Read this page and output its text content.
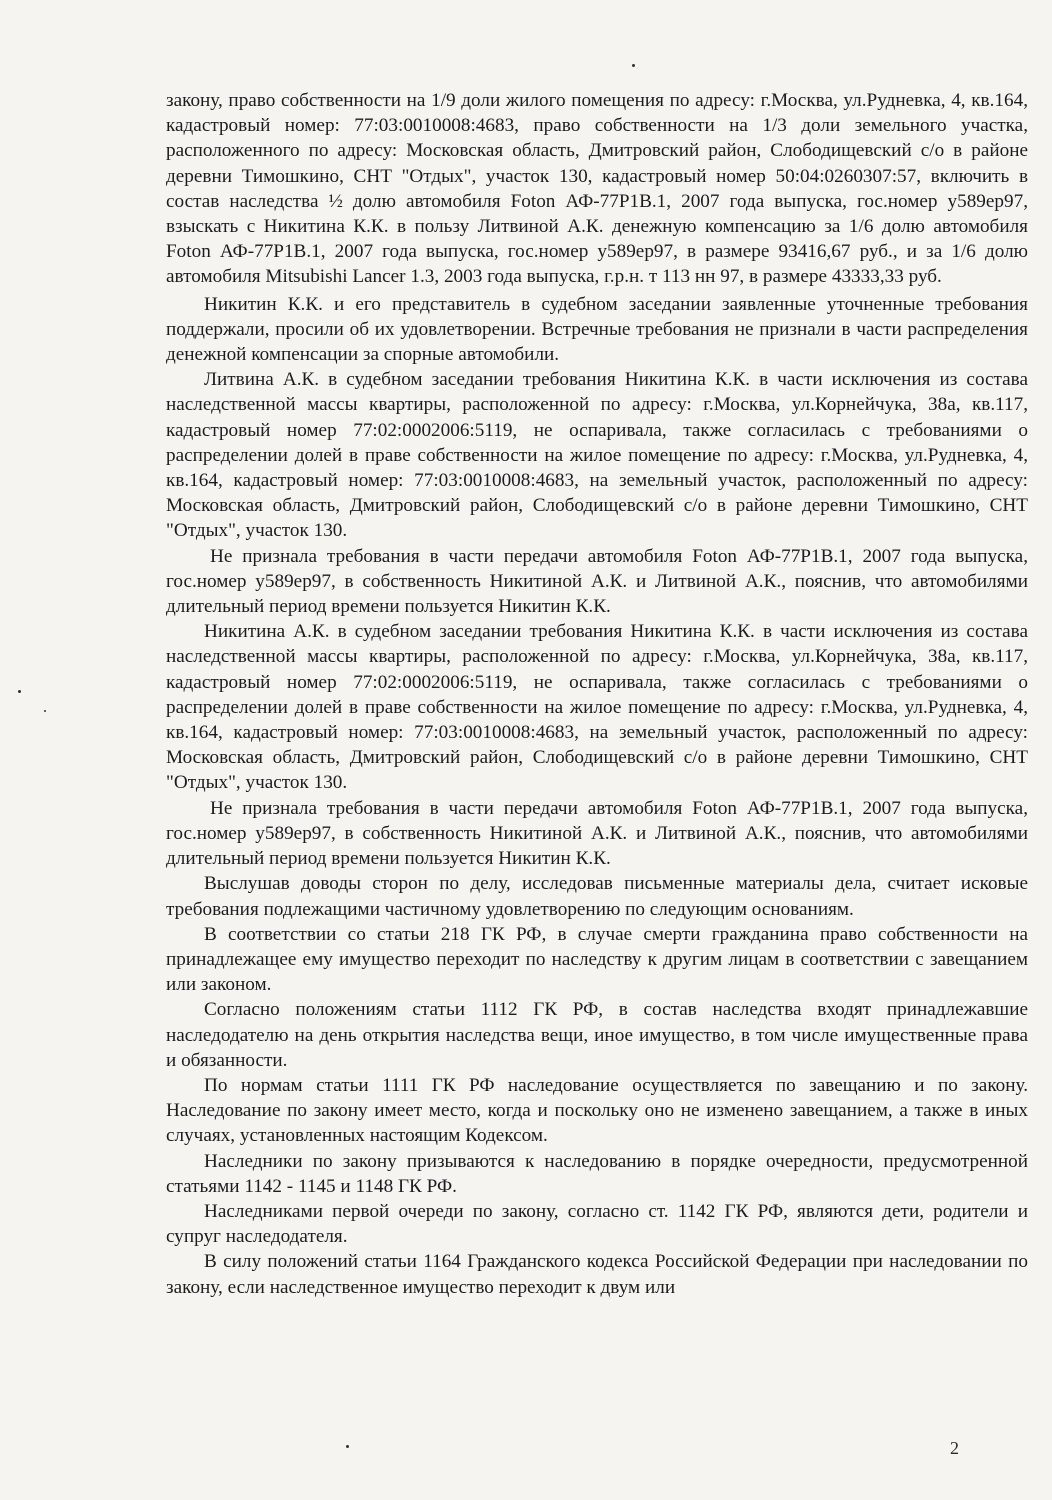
закону, право собственности на 1/9 доли жилого помещения по адресу: г.Москва, ул.Рудневка, 4, кв.164, кадастровый номер: 77:03:0010008:4683, право собственности на 1/3 доли земельного участка, расположенного по адресу: Московская область, Дмитровский район, Слободищевский с/о в районе деревни Тимошкино, СНТ "Отдых", участок 130, кадастровый номер 50:04:0260307:57, включить в состав наследства ½ долю автомобиля Foton АФ-77Р1В.1, 2007 года выпуска, гос.номер у589ер97, взыскать с Никитина К.К. в пользу Литвиной А.К. денежную компенсацию за 1/6 долю автомобиля Foton АФ-77Р1В.1, 2007 года выпуска, гос.номер у589ер97, в размере 93416,67 руб., и за 1/6 долю автомобиля Mitsubishi Lancer 1.3, 2003 года выпуска, г.р.н. т 113 нн 97, в размере 43333,33 руб.

Никитин К.К. и его представитель в судебном заседании заявленные уточненные требования поддержали, просили об их удовлетворении. Встречные требования не признали в части распределения денежной компенсации за спорные автомобили.

Литвина А.К. в судебном заседании требования Никитина К.К. в части исключения из состава наследственной массы квартиры, расположенной по адресу: г.Москва, ул.Корнейчука, 38а, кв.117, кадастровый номер 77:02:0002006:5119, не оспаривала, также согласилась с требованиями о распределении долей в праве собственности на жилое помещение по адресу: г.Москва, ул.Рудневка, 4, кв.164, кадастровый номер: 77:03:0010008:4683, на земельный участок, расположенный по адресу: Московская область, Дмитровский район, Слободищевский с/о в районе деревни Тимошкино, СНТ "Отдых", участок 130.

Не признала требования в части передачи автомобиля Foton АФ-77Р1В.1, 2007 года выпуска, гос.номер у589ер97, в собственность Никитиной А.К. и Литвиной А.К., пояснив, что автомобилями длительный период времени пользуется Никитин К.К.

Никитина А.К. в судебном заседании требования Никитина К.К. в части исключения из состава наследственной массы квартиры, расположенной по адресу: г.Москва, ул.Корнейчука, 38а, кв.117, кадастровый номер 77:02:0002006:5119, не оспаривала, также согласилась с требованиями о распределении долей в праве собственности на жилое помещение по адресу: г.Москва, ул.Рудневка, 4, кв.164, кадастровый номер: 77:03:0010008:4683, на земельный участок, расположенный по адресу: Московская область, Дмитровский район, Слободищевский с/о в районе деревни Тимошкино, СНТ "Отдых", участок 130.

Не признала требования в части передачи автомобиля Foton АФ-77Р1В.1, 2007 года выпуска, гос.номер у589ер97, в собственность Никитиной А.К. и Литвиной А.К., пояснив, что автомобилями длительный период времени пользуется Никитин К.К.

Выслушав доводы сторон по делу, исследовав письменные материалы дела, считает исковые требования подлежащими частичному удовлетворению по следующим основаниям.

В соответствии со статьи 218 ГК РФ, в случае смерти гражданина право собственности на принадлежащее ему имущество переходит по наследству к другим лицам в соответствии с завещанием или законом.

Согласно положениям статьи 1112 ГК РФ, в состав наследства входят принадлежавшие наследодателю на день открытия наследства вещи, иное имущество, в том числе имущественные права и обязанности.

По нормам статьи 1111 ГК РФ наследование осуществляется по завещанию и по закону. Наследование по закону имеет место, когда и поскольку оно не изменено завещанием, а также в иных случаях, установленных настоящим Кодексом.

Наследники по закону призываются к наследованию в порядке очередности, предусмотренной статьями 1142 - 1145 и 1148 ГК РФ.

Наследниками первой очереди по закону, согласно ст. 1142 ГК РФ, являются дети, родители и супруг наследодателя.

В силу положений статьи 1164 Гражданского кодекса Российской Федерации при наследовании по закону, если наследственное имущество переходит к двум или

2
